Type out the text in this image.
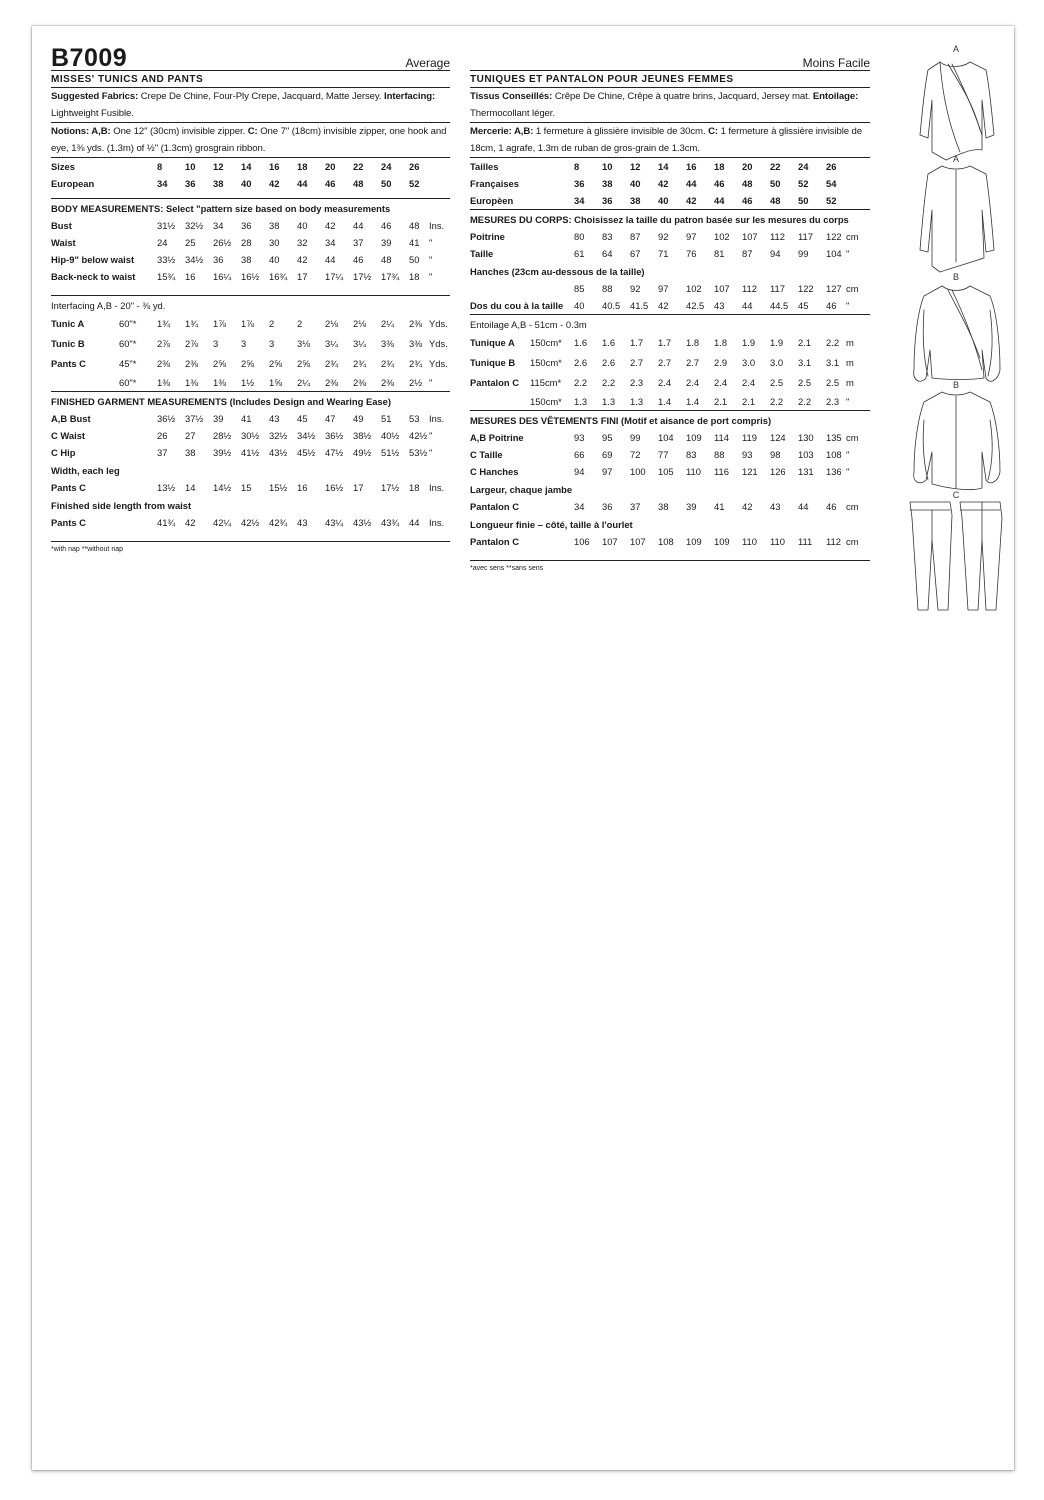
B7009	Average
MISSES' TUNICS AND PANTS
Suggested Fabrics: Crepe De Chine, Four-Ply Crepe, Jacquard, Matte Jersey. Interfacing: Lightweight Fusible.
Notions: A,B: One 12" (30cm) invisible zipper. C: One 7" (18cm) invisible zipper, one hook and eye, 1⅜ yds. (1.3m) of ½" (1.3cm) grosgrain ribbon.
Sizes	8	10	12	14	16	18	20	22	24	26
European	34	36	38	40	42	44	46	48	50	52
BODY MEASUREMENTS: Select "pattern size based on body measurements
Bust	31½	32½	34	36	38	40	42	44	46	48	Ins.
Waist	24	25	26½	28	30	32	34	37	39	41	"
Hip-9" below waist 33½	34½	36	38	40	42	44	46	48	50	"
Back-neck to waist 15¾	16	16¼	16½	16¾	17	17¼	17½	17¾	18	"
Interfacing A,B - 20" - ⅜ yd.
Tunic A	60"* 1¾	1¾	1⅞	1⅞	2	2	2⅛	2⅛	2¼	2⅜ Yds.
Tunic B	60"* 2⅞	2⅞	3	3	3	3⅛	3¼	3¼	3⅜	3⅜ Yds.
Pants C	45"* 2⅜	2⅜	2⅝	2⅝	2⅝	2⅝	2¾	2¾	2¾	2¾ Yds.
60"* 1⅜	1⅜	1⅜	1½	1⅝	2¼	2⅜	2⅜	2⅜	2½ "
FINISHED GARMENT MEASUREMENTS (Includes Design and Wearing Ease)
A,B Bust	36½	37½	39	41	43	45	47	49	51	53	Ins.
C Waist	26	27	28½	30½	32½	34½	36½	38½	40½	42½ "
C Hip	37	38	39½	41½	43½	45½	47½	49½	51½	53½ "
Width, each leg
Pants C	13½	14	14½	15	15½	16	16½	17	17½	18	Ins.
Finished side length from waist
Pants C	41¾	42	42¼	42½	42¾	43	43¼	43½	43¾	44	Ins.
*with nap **without nap
Moins Facile
TUNIQUES ET PANTALON POUR JEUNES FEMMES
Tissus Conseillés: Crêpe De Chine, Crêpe à quatre brins, Jacquard, Jersey mat. Entoilage: Thermocollant léger.
Mercerie: A,B: 1 fermeture à glissière invisible de 30cm. C: 1 fermeture à glissière invisible de 18cm, 1 agrafe, 1.3m de ruban de gros-grain de 1.3cm.
Tailles	8	10	12	14	16	18	20	22	24	26
Françaises	36	38	40	42	44	46	48	50	52	54
Europèen	34	36	38	40	42	44	46	48	50	52
MESURES DU CORPS: Choisissez la taille du patron basée sur les mesures du corps
Poitrine	80	83	87	92	97	102	107	112	117	122 cm
Taille	61	64	67	71	76	81	87	94	99	104 "
Hanches (23cm au-dessous de la taille)
85	88	92	97	102	107	112	117	122	127 cm
Dos du cou à la taille 40	40.5	41.5	42	42.5	43	44	44.5	45	46	"
Entoilage A,B - 51cm - 0.3m
Tunique A 150cm* 1.6	1.6	1.7	1.7	1.8	1.8	1.9	1.9	2.1	2.2 m
Tunique B 150cm* 2.6	2.6	2.7	2.7	2.7	2.9	3.0	3.0	3.1	3.1 m
Pantalon C 115cm* 2.2	2.2	2.3	2.4	2.4	2.4	2.4	2.5	2.5	2.5 m
150cm* 1.3	1.3	1.3	1.4	1.4	2.1	2.1	2.2	2.2	2.3 "
MESURES DES VÊTEMENTS FINI (Motif et aisance de port compris)
A,B Poitrine	93	95	99	104	109	114	119	124	130	135 cm
C Taille	66	69	72	77	83	88	93	98	103	108 "
C Hanches	94	97	100	105	110	116	121	126	131	136 "
Largeur, chaque jambe
Pantalon C	34	36	37	38	39	41	42	43	44	46	cm
Longueur finie – côté, taille à l'ourlet
Pantalon C	106	107	107	108	109	109	110	110	111	112 cm
*avec sens **sans sens
A
A
B
B
C
